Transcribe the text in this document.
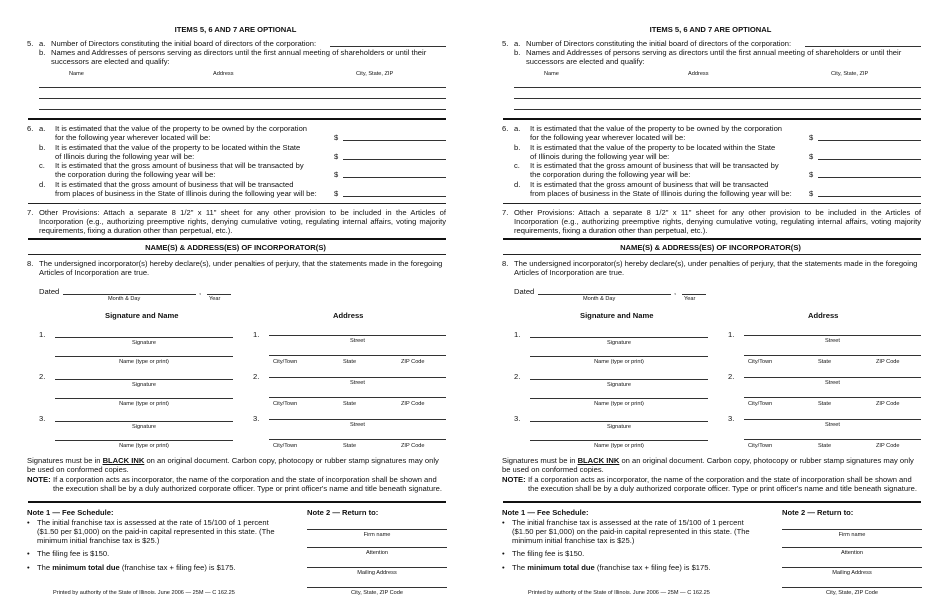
ITEMS 5, 6 AND 7 ARE OPTIONAL
5. a. Number of Directors constituting the initial board of directors of the corporation:
b. Names and Addresses of persons serving as directors until the first annual meeting of shareholders or until their successors are elected and qualify:
Name	Address	City, State, ZIP
6. a. It is estimated that the value of the property to be owned by the corporation
for the following year wherever located will be:	$
b. It is estimated that the value of the property to be located within the State
of Illinois during the following year will be:	$
c. It is estimated that the gross amount of business that will be transacted by
the corporation during the following year will be:	$
d. It is estimated that the gross amount of business that will be transacted
from places of business in the State of Illinois during the following year will be: $
7. Other Provisions: Attach a separate 8 1/2" x 11" sheet for any other provision to be included in the Articles of Incorporation (e.g., authorizing preemptive rights, denying cumulative voting, regulating internal affairs, voting majority requirements, fixing a duration other than perpetual, etc.).
NAME(S) & ADDRESS(ES) OF INCORPORATOR(S)
8. The undersigned incorporator(s) hereby declare(s), under penalties of perjury, that the statements made in the foregoing Articles of Incorporation are true.
Dated	,
Month & Day	Year
Signature and Name	Address
1.
Signature
Name (type or print)
1.
Street
City/Town	State	ZIP Code
2.
Signature
Name (type or print)
2.
Street
City/Town	State	ZIP Code
3.
Signature
Name (type or print)
3.
Street
City/Town	State	ZIP Code
Signatures must be in BLACK INK on an original document. Carbon copy, photocopy or rubber stamp signatures may only be used on conformed copies.
NOTE: If a corporation acts as incorporator, the name of the corporation and the state of incorporation shall be shown and the execution shall be by a duly authorized corporate officer. Type or print officer's name and title beneath signature.
Note 1 — Fee Schedule:
• The initial franchise tax is assessed at the rate of 15/100 of 1 percent ($1.50 per $1,000) on the paid-in capital represented in this state. (The minimum initial franchise tax is $25.)
• The filing fee is $150.
• The minimum total due (franchise tax + filing fee) is $175.
Note 2 — Return to:
Firm name
Attention
Mailing Address
City, State, ZIP Code
Printed by authority of the State of Illinois. June 2006 — 25M — C 162.25
ITEMS 5, 6 AND 7 ARE OPTIONAL
5. a. Number of Directors constituting the initial board of directors of the corporation:
b. Names and Addresses of persons serving as directors until the first annual meeting of shareholders or until their successors are elected and qualify:
Name	Address	City, State, ZIP
6. a. It is estimated that the value of the property to be owned by the corporation
for the following year wherever located will be:	$
b. It is estimated that the value of the property to be located within the State
of Illinois during the following year will be:	$
c. It is estimated that the gross amount of business that will be transacted by
the corporation during the following year will be:	$
d. It is estimated that the gross amount of business that will be transacted
from places of business in the State of Illinois during the following year will be: $
7. Other Provisions: Attach a separate 8 1/2" x 11" sheet for any other provision to be included in the Articles of Incorporation (e.g., authorizing preemptive rights, denying cumulative voting, regulating internal affairs, voting majority requirements, fixing a duration other than perpetual, etc.).
NAME(S) & ADDRESS(ES) OF INCORPORATOR(S)
8. The undersigned incorporator(s) hereby declare(s), under penalties of perjury, that the statements made in the foregoing Articles of Incorporation are true.
Dated	,
Month & Day	Year
Signature and Name	Address
1.
Signature
Name (type or print)
1.
Street
City/Town	State	ZIP Code
2.
Signature
Name (type or print)
2.
Street
City/Town	State	ZIP Code
3.
Signature
Name (type or print)
3.
Street
City/Town	State	ZIP Code
Signatures must be in BLACK INK on an original document. Carbon copy, photocopy or rubber stamp signatures may only be used on conformed copies.
NOTE: If a corporation acts as incorporator, the name of the corporation and the state of incorporation shall be shown and the execution shall be by a duly authorized corporate officer. Type or print officer's name and title beneath signature.
Note 1 — Fee Schedule:
• The initial franchise tax is assessed at the rate of 15/100 of 1 percent ($1.50 per $1,000) on the paid-in capital represented in this state. (The minimum initial franchise tax is $25.)
• The filing fee is $150.
• The minimum total due (franchise tax + filing fee) is $175.
Note 2 — Return to:
Firm name
Attention
Mailing Address
City, State, ZIP Code
Printed by authority of the State of Illinois. June 2006 — 25M — C 162.25
